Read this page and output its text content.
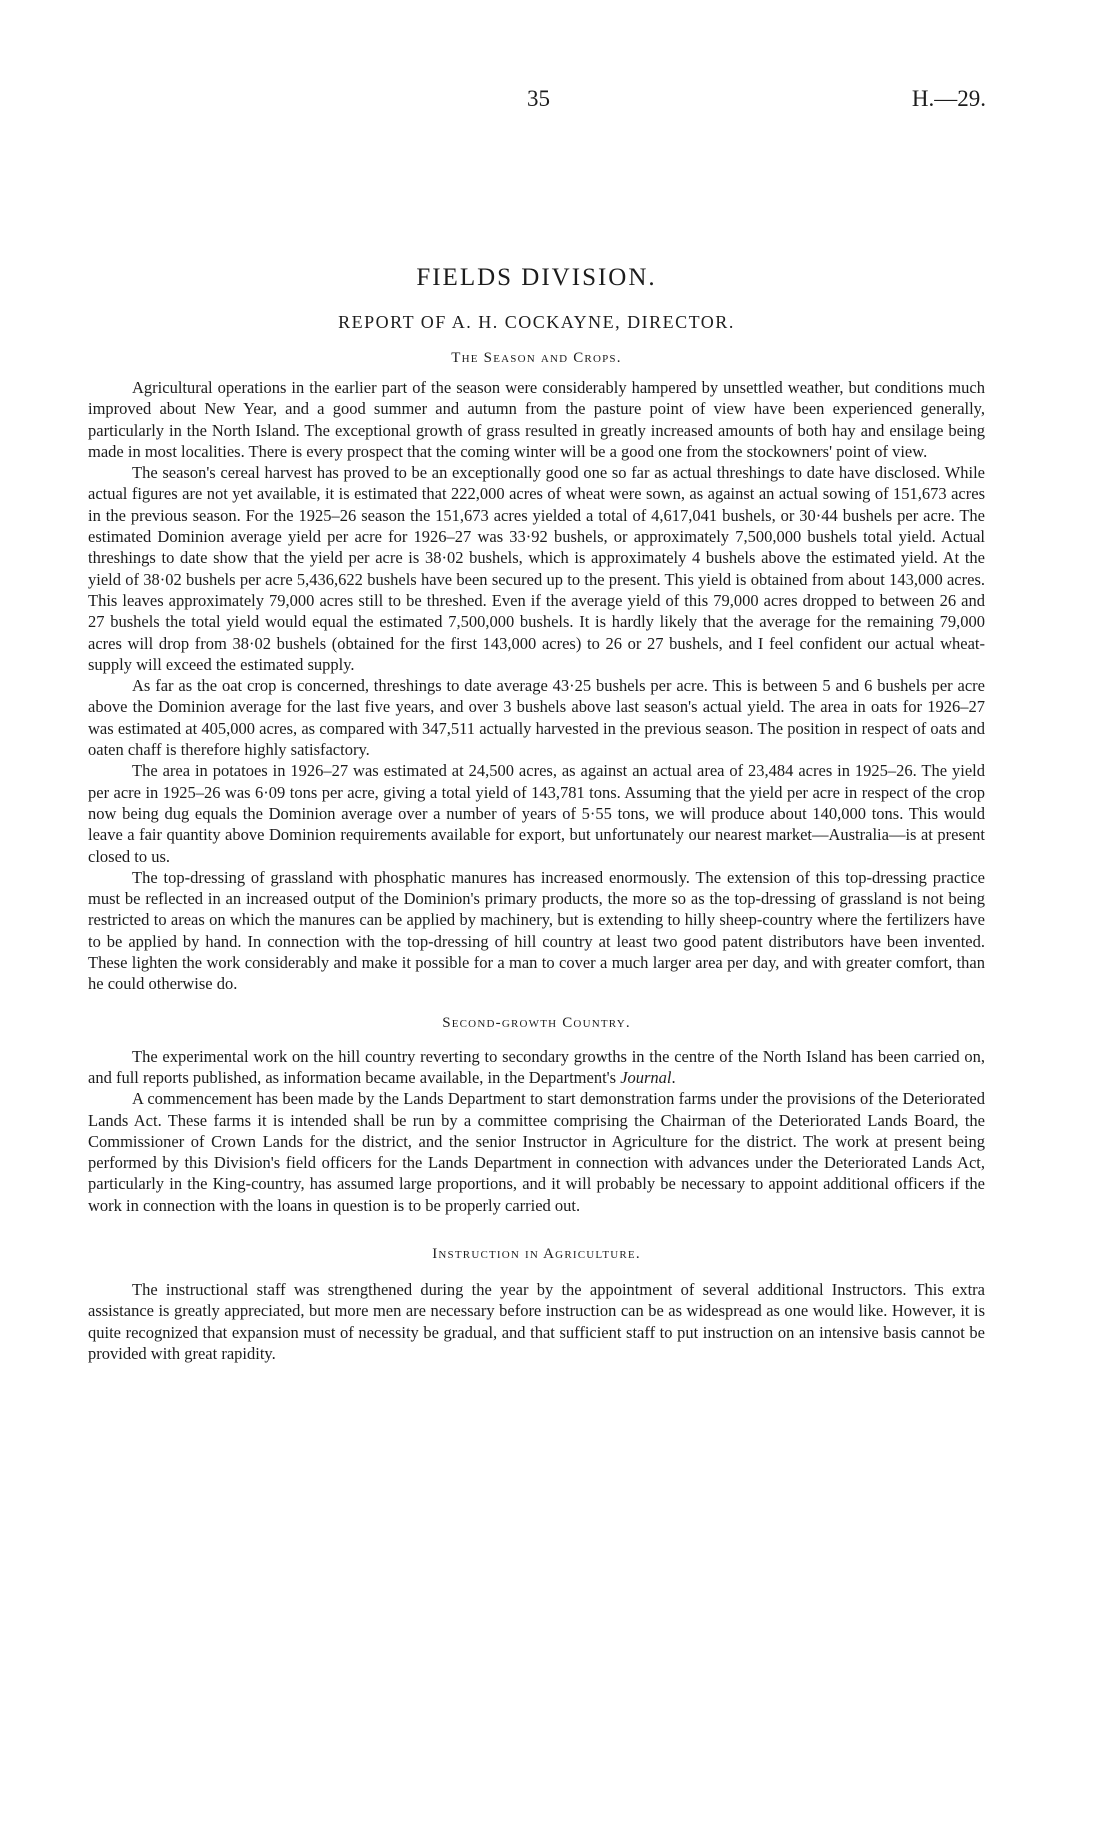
35	H.—29.
FIELDS DIVISION.
REPORT OF A. H. COCKAYNE, DIRECTOR.
The Season and Crops.

Agricultural operations in the earlier part of the season were considerably hampered by unsettled weather, but conditions much improved about New Year, and a good summer and autumn from the pasture point of view have been experienced generally, particularly in the North Island. The exceptional growth of grass resulted in greatly increased amounts of both hay and ensilage being made in most localities. There is every prospect that the coming winter will be a good one from the stockowners' point of view.

The season's cereal harvest has proved to be an exceptionally good one so far as actual threshings to date have disclosed. While actual figures are not yet available, it is estimated that 222,000 acres of wheat were sown, as against an actual sowing of 151,673 acres in the previous season. For the 1925–26 season the 151,673 acres yielded a total of 4,617,041 bushels, or 30·44 bushels per acre. The estimated Dominion average yield per acre for 1926–27 was 33·92 bushels, or approximately 7,500,000 bushels total yield. Actual threshings to date show that the yield per acre is 38·02 bushels, which is approximately 4 bushels above the estimated yield. At the yield of 38·02 bushels per acre 5,436,622 bushels have been secured up to the present. This yield is obtained from about 143,000 acres. This leaves approximately 79,000 acres still to be threshed. Even if the average yield of this 79,000 acres dropped to between 26 and 27 bushels the total yield would equal the estimated 7,500,000 bushels. It is hardly likely that the average for the remaining 79,000 acres will drop from 38·02 bushels (obtained for the first 143,000 acres) to 26 or 27 bushels, and I feel confident our actual wheat-supply will exceed the estimated supply.

As far as the oat crop is concerned, threshings to date average 43·25 bushels per acre. This is between 5 and 6 bushels per acre above the Dominion average for the last five years, and over 3 bushels above last season's actual yield. The area in oats for 1926–27 was estimated at 405,000 acres, as compared with 347,511 actually harvested in the previous season. The position in respect of oats and oaten chaff is therefore highly satisfactory.

The area in potatoes in 1926–27 was estimated at 24,500 acres, as against an actual area of 23,484 acres in 1925–26. The yield per acre in 1925–26 was 6·09 tons per acre, giving a total yield of 143,781 tons. Assuming that the yield per acre in respect of the crop now being dug equals the Dominion average over a number of years of 5·55 tons, we will produce about 140,000 tons. This would leave a fair quantity above Dominion requirements available for export, but unfortunately our nearest market—Australia—is at present closed to us.

The top-dressing of grassland with phosphatic manures has increased enormously. The extension of this top-dressing practice must be reflected in an increased output of the Dominion's primary products, the more so as the top-dressing of grassland is not being restricted to areas on which the manures can be applied by machinery, but is extending to hilly sheep-country where the fertilizers have to be applied by hand. In connection with the top-dressing of hill country at least two good patent distributors have been invented. These lighten the work considerably and make it possible for a man to cover a much larger area per day, and with greater comfort, than he could otherwise do.

Second-growth Country.

The experimental work on the hill country reverting to secondary growths in the centre of the North Island has been carried on, and full reports published, as information became available, in the Department's Journal.

A commencement has been made by the Lands Department to start demonstration farms under the provisions of the Deteriorated Lands Act. These farms it is intended shall be run by a committee comprising the Chairman of the Deteriorated Lands Board, the Commissioner of Crown Lands for the district, and the senior Instructor in Agriculture for the district. The work at present being performed by this Division's field officers for the Lands Department in connection with advances under the Deteriorated Lands Act, particularly in the King-country, has assumed large proportions, and it will probably be necessary to appoint additional officers if the work in connection with the loans in question is to be properly carried out.

Instruction in Agriculture.

The instructional staff was strengthened during the year by the appointment of several additional Instructors. This extra assistance is greatly appreciated, but more men are necessary before instruction can be as widespread as one would like. However, it is quite recognized that expansion must of necessity be gradual, and that sufficient staff to put instruction on an intensive basis cannot be provided with great rapidity.
